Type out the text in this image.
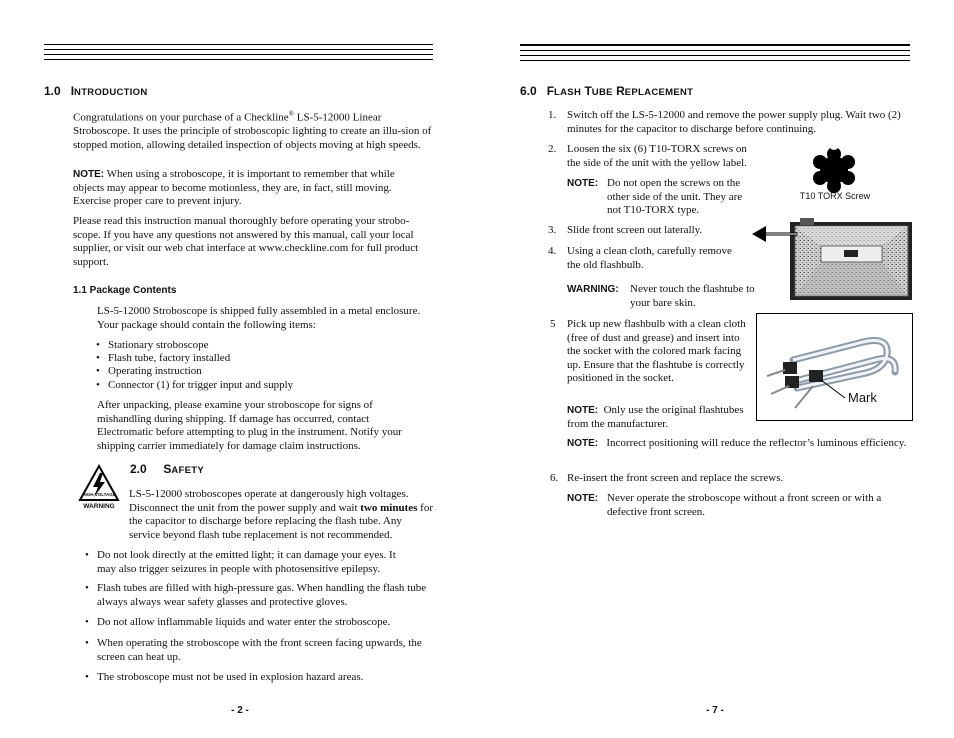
1.0 INTRODUCTION

Congratulations on your purchase of a Checkline® LS-5-12000 Linear Stroboscope. It uses the principle of stroboscopic lighting to create an illu-sion of stopped motion, allowing detailed inspection of objects moving at high speeds.

NOTE: When using a stroboscope, it is important to remember that while objects may appear to become motionless, they are, in fact, still moving. Exercise proper care to prevent injury.

Please read this instruction manual thoroughly before operating your strobo-scope. If you have any questions not answered by this manual, call your local supplier, or visit our web chat interface at www.checkline.com for full product support.

1.1 Package Contents

LS-5-12000 Stroboscope is shipped fully assembled in a metal enclosure. Your package should contain the following items:

• Stationary stroboscope
• Flash tube, factory installed
• Operating instruction
• Connector (1) for trigger input and supply

After unpacking, please examine your stroboscope for signs of mishandling during shipping. If damage has occurred, contact Electromatic before attempting to plug in the instrument. Notify your shipping carrier immediately for damage claim instructions.

HIGH VOLTAGE
WARNING
2.0 SAFETY

LS-5-12000 stroboscopes operate at dangerously high voltages. Disconnect the unit from the power supply and wait two minutes for the capacitor to discharge before replacing the flash tube. Any service beyond flash tube replacement is not recommended.

• Do not look directly at the emitted light; it can damage your eyes. It may also trigger seizures in people with photosensitive epilepsy.
• Flash tubes are filled with high-pressure gas. When handling the flash tube always always wear safety glasses and protective gloves.
• Do not allow inflammable liquids and water enter the stroboscope.
• When operating the stroboscope with the front screen facing upwards, the screen can heat up.
• The stroboscope must not be used in explosion hazard areas.
- 2 -
6.0 FLASH TUBE REPLACEMENT
1. Switch off the LS-5-12000 and remove the power supply plug. Wait two (2) minutes for the capacitor to discharge before continuing.

2. Loosen the six (6) T10-TORX screws on the side of the unit with the yellow label.

NOTE: Do not open the screws on the other side of the unit. They are not T10-TORX type.

3. Slide front screen out laterally.

4. Using a clean cloth, carefully remove the old flashbulb.

WARNING: Never touch the flashtube to your bare skin.

5 Pick up new flashbulb with a clean cloth (free of dust and grease) and insert into the socket with the colored mark facing up. Ensure that the flashtube is correctly positioned in the socket.

NOTE: Only use the original flashtubes from the manufacturer.

NOTE: Incorrect positioning will reduce the reflector’s luminous efficiency.

6. Re-insert the front screen and replace the screws.

NOTE: Never operate the stroboscope without a front screen or with a defective front screen.

T10 TORX Screw
Mark
- 7 -
